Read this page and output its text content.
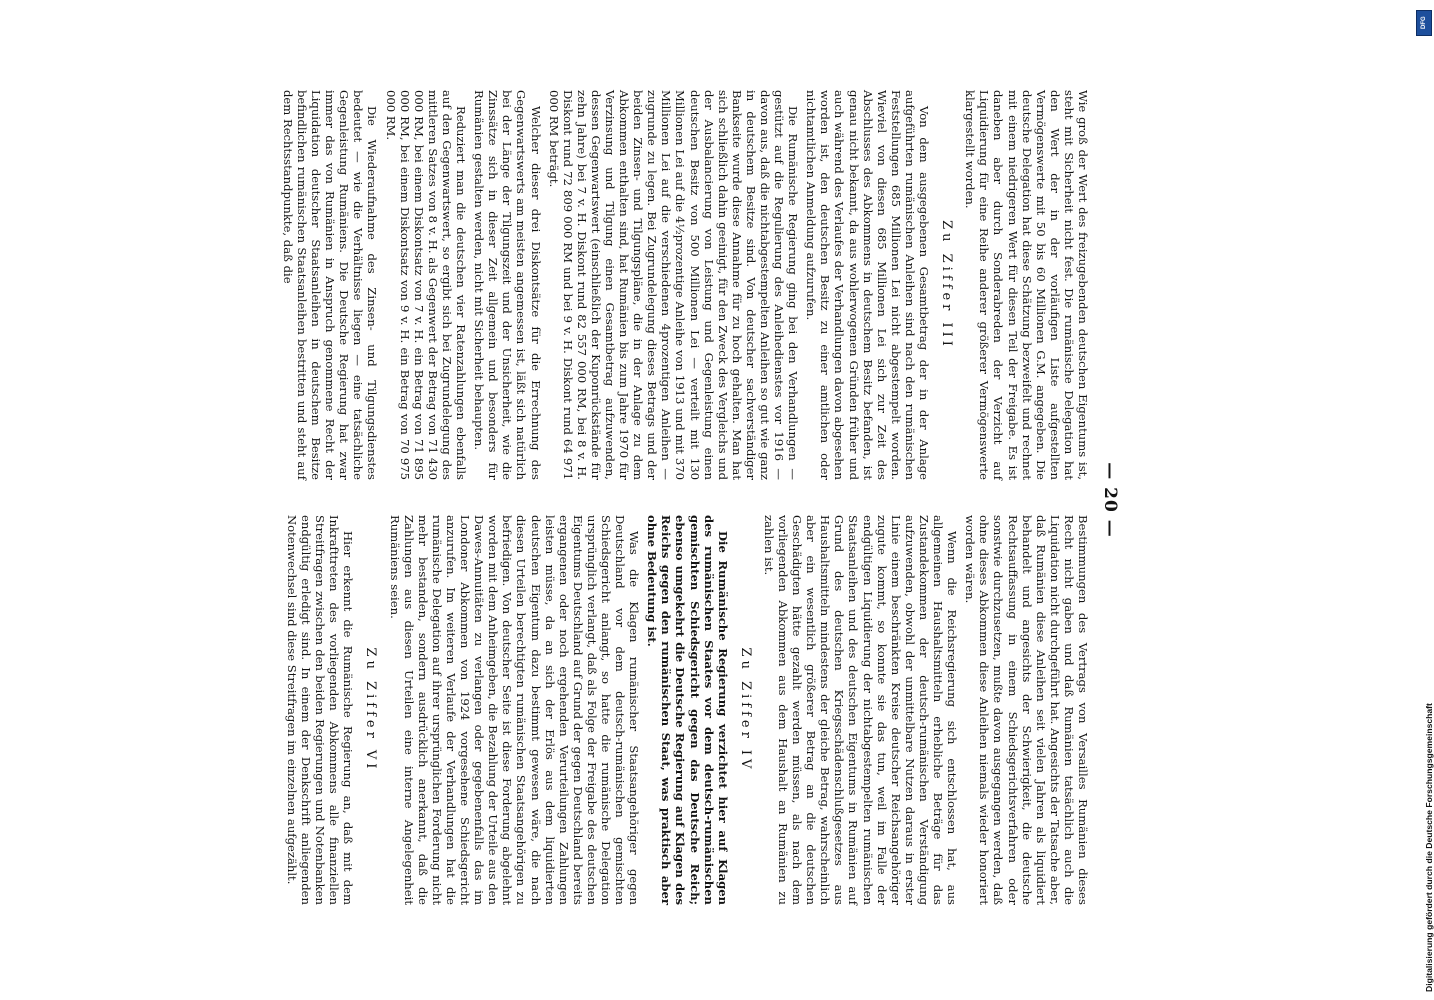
— 20 —

Wie groß der Wert des freizugebenden deutschen Eigentums ist, steht mit Sicherheit nicht fest. Die rumänische Delegation hat den Wert der in der vorläufigen Liste aufgestellten Vermögenswerte mit 50 bis 60 Millionen G.M. angegeben. Die deutsche Delegation hat diese Schätzung bezweifelt und rechnet mit einem niedrigeren Wert für diesen Teil der Freigabe. Es ist daneben aber durch Sonderabreden der Verzicht auf Liquidierung für eine Reihe anderer größerer Vermögenswerte klargestellt worden.

Zu Ziffer III

Von dem ausgegebenen Gesamtbetrag der in der Anlage aufgeführten rumänischen Anleihen sind nach den rumänischen Feststellungen 685 Millionen Lei nicht abgestempelt worden. Wieviel von diesen 685 Millionen Lei sich zur Zeit des Abschlusses des Abkommens in deutschem Besitz befanden, ist genau nicht bekannt, da aus wohlerwogenen Gründen früher und auch während des Verlaufes der Verhandlungen davon abgesehen worden ist, den deutschen Besitz zu einer amtlichen oder nichtamtlichen Anmeldung aufzurufen.

Die Rumänische Regierung ging bei den Verhandlungen — gestützt auf die Regulierung des Anleihedienstes vor 1916 — davon aus, daß die nichtabgestempelten Anleihen so gut wie ganz in deutschem Besitze sind. Von deutscher sachverständiger Bankseite wurde diese Annahme für zu hoch gehalten. Man hat sich schließlich dahin geeinigt, für den Zweck des Vergleichs und der Ausbalancierung von Leistung und Gegenleistung einen deutschen Besitz von 500 Millionen Lei — verteilt mit 130 Millionen Lei auf die 4½prozentige Anleihe von 1913 und mit 370 Millionen Lei auf die verschiedenen 4prozentigen Anleihen — zugrunde zu legen. Bei Zugrundelegung dieses Betrags und der beiden Zinsen- und Tilgungspläne, die in der Anlage zu dem Abkommen enthalten sind, hat Rumänien bis zum Jahre 1970 für Verzinsung und Tilgung einen Gesamtbetrag aufzuwenden, dessen Gegenwartswert (einschließlich der Kuponrückstände für zehn Jahre) bei 7 v. H. Diskont rund 82 557 000 RM, bei 8 v. H. Diskont rund 72 809 000 RM und bei 9 v. H. Diskont rund 64 971 000 RM beträgt.

Welcher dieser drei Diskontsätze für die Errechnung des Gegenwartswerts am meisten angemessen ist, läßt sich natürlich bei der Länge der Tilgungszeit und der Unsicherheit, wie die Zinssätze sich in dieser Zeit allgemein und besonders für Rumänien gestalten werden, nicht mit Sicherheit behaupten.

Reduziert man die deutschen vier Ratenzahlungen ebenfalls auf den Gegenwartswert, so ergibt sich bei Zugrundelegung des mittleren Satzes von 8 v. H. als Gegenwert der Betrag von 71 430 000 RM, bei einem Diskontsatz von 7 v. H. ein Betrag von 71 895 000 RM, bei einem Diskontsatz von 9 v. H. ein Betrag von 70 975 000 RM.

Die Wiederaufnahme des Zinsen- und Tilgungsdienstes bedeutet — wie die Verhältnisse liegen — eine tatsächliche Gegenleistung Rumäniens. Die Deutsche Regierung hat zwar immer das von Rumänien in Anspruch genommene Recht der Liquidation deutscher Staatsanleihen in deutschem Besitze befindlichen rumänischen Staatsanleihen bestritten und steht auf dem Rechtsstandpunkte, daß die

Bestimmungen des Vertrags von Versailles Rumänien dieses Recht nicht gaben und daß Rumänien tatsächlich auch die Liquidation nicht durchgeführt hat. Angesichts der Tatsache aber, daß Rumänien diese Anleihen seit vielen Jahren als liquidiert behandelt und angesichts der Schwierigkeit, die deutsche Rechtsauffassung in einem Schiedsgerichtsverfahren oder sonstwie durchzusetzen, mußte davon ausgegangen werden, daß ohne dieses Abkommen diese Anleihen niemals wieder honoriert worden wären.

Wenn die Reichsregierung sich entschlossen hat, aus allgemeinen Haushaltsmitteln erhebliche Beträge für das Zustandekommen der deutsch-rumänischen Verständigung aufzuwenden, obwohl der unmittelbare Nutzen daraus in erster Linie einem beschränkten Kreise deutscher Reichsangehöriger zugute kommt, so konnte sie das tun, weil im Falle der endgültigen Liquidierung der nichtabgestempelten rumänischen Staatsanleihen und des deutschen Eigentums in Rumänien auf Grund des deutschen Kriegsschädenschlußgesetzes aus Haushaltsmitteln mindestens der gleiche Betrag, wahrscheinlich aber ein wesentlich größerer Betrag an die deutschen Geschädigten hätte gezahlt werden müssen, als nach dem vorliegenden Abkommen aus dem Haushalt an Rumänien zu zahlen ist.

Zu Ziffer IV

Die Rumänische Regierung verzichtet hier auf Klagen des rumänischen Staates vor dem deutsch-rumänischen gemischten Schiedsgericht gegen das Deutsche Reich; ebenso umgekehrt die Deutsche Regierung auf Klagen des Reichs gegen den rumänischen Staat, was praktisch aber ohne Bedeutung ist.

Was die Klagen rumänischer Staatsangehöriger gegen Deutschland vor dem deutsch-rumänischen gemischten Schiedsgericht anlangt, so hatte die rumänische Delegation ursprünglich verlangt, daß als Folge der Freigabe des deutschen Eigentums Deutschland auf Grund der gegen Deutschland bereits ergangenen oder noch ergehenden Verurteilungen Zahlungen leisten müsse, da an sich der Erlös aus dem liquidierten deutschen Eigentum dazu bestimmt gewesen wäre, die nach diesen Urteilen berechtigten rumänischen Staatsangehörigen zu befriedigen. Von deutscher Seite ist diese Forderung abgelehnt worden mit dem Anheimgeben, die Bezahlung der Urteile aus den Dawes-Annuitäten zu verlangen oder gegebenenfalls das im Londoner Abkommen von 1924 vorgesehene Schiedsgericht anzurufen. Im weiteren Verlaufe der Verhandlungen hat die rumänische Delegation auf ihrer ursprünglichen Forderung nicht mehr bestanden, sondern ausdrücklich anerkannt, daß die Zahlungen aus diesen Urteilen eine interne Angelegenheit Rumäniens seien.

Zu Ziffer VI

Hier erkennt die Rumänische Regierung an, daß mit dem Inkrafttreten des vorliegenden Abkommens alle finanziellen Streitfragen zwischen den beiden Regierungen und Notenbanken endgültig erledigt sind. In einem der Denkschrift anliegenden Notenwechsel sind diese Streitfragen im einzelnen aufgezählt.

DFG
Digitalisierung gefördert durch die Deutsche Forschungsgemeinschaft
